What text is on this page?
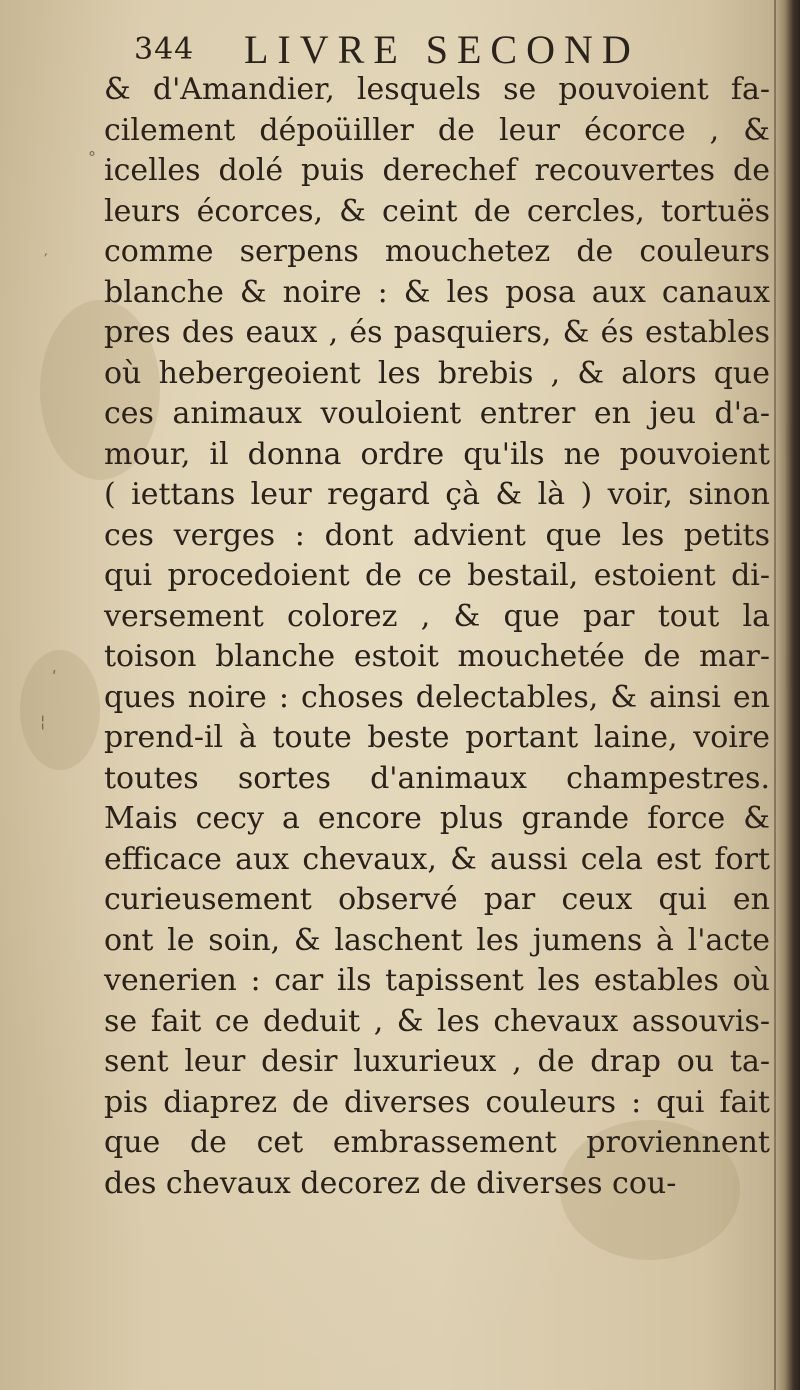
°
′
ʹ
¦
344 LIVRE SECOND
& d'Amandier, lesquels se pouvoient fa-
cilement dépoüiller de leur écorce , &
icelles dolé puis derechef recouvertes de
leurs écorces, & ceint de cercles, tortuës
comme serpens mouchetez de couleurs
blanche & noire : & les posa aux canaux
pres des eaux , és pasquiers, & és estables
où hebergeoient les brebis , & alors que
ces animaux vouloient entrer en jeu d'a-
mour, il donna ordre qu'ils ne pouvoient
( iettans leur regard çà & là ) voir, sinon
ces verges : dont advient que les petits
qui procedoient de ce bestail, estoient di-
versement colorez , & que par tout la
toison blanche estoit mouchetée de mar-
ques noire : choses delectables, & ainsi en
prend-il à toute beste portant laine, voire
toutes sortes d'animaux champestres.
Mais cecy a encore plus grande force &
efficace aux chevaux, & aussi cela est fort
curieusement observé par ceux qui en
ont le soin, & laschent les jumens à l'acte
venerien : car ils tapissent les estables où
se fait ce deduit , & les chevaux assouvis-
sent leur desir luxurieux , de drap ou ta-
pis diaprez de diverses couleurs : qui fait
que de cet embrassement proviennent
des chevaux decorez de diverses cou-
